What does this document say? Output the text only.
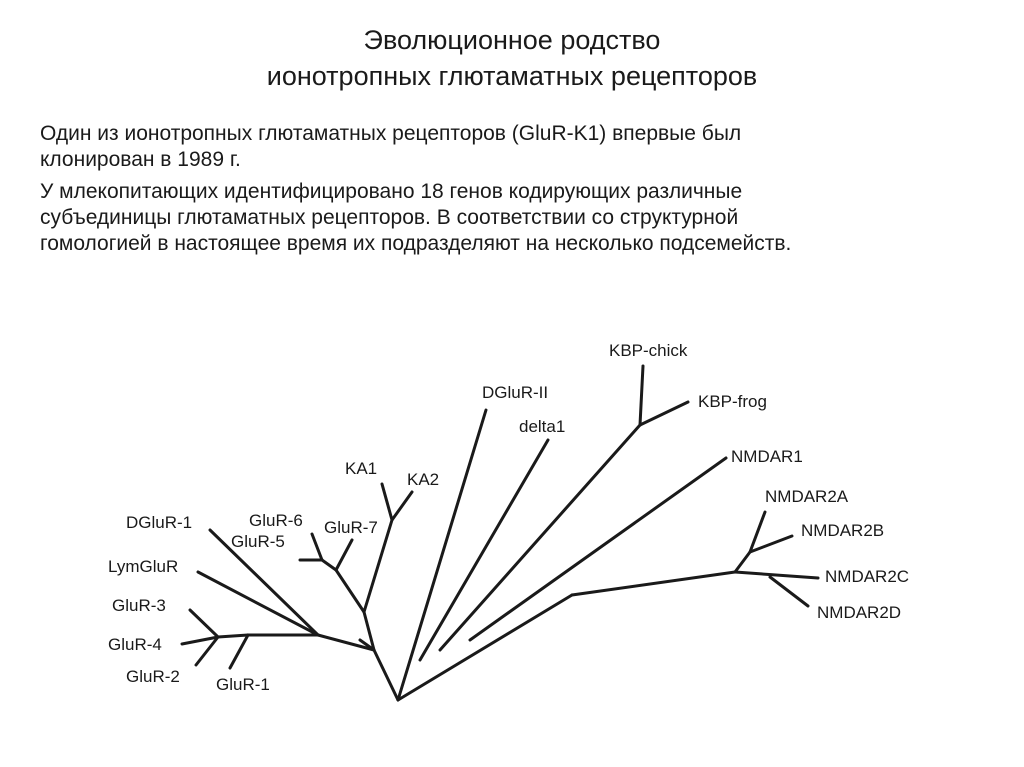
Эволюционное родство
ионотропных глютаматных рецепторов

Один из ионотропных глютаматных рецепторов (GluR-K1) впервые был
клонирован в 1989 г.

У млекопитающих идентифицировано 18 генов кодирующих различные
субъединицы глютаматных рецепторов. В соответствии со структурной
гомологией в настоящее время их подразделяют на несколько подсемейств.

KBP-chick
KBP-frog
DGluR-II
delta1
NMDAR1
NMDAR2A
NMDAR2B
NMDAR2C
NMDAR2D
KA1
KA2
GluR-6 GluR-7
GluR-5
DGluR-1
LymGluR
GluR-3
GluR-4
GluR-2 GluR-1
